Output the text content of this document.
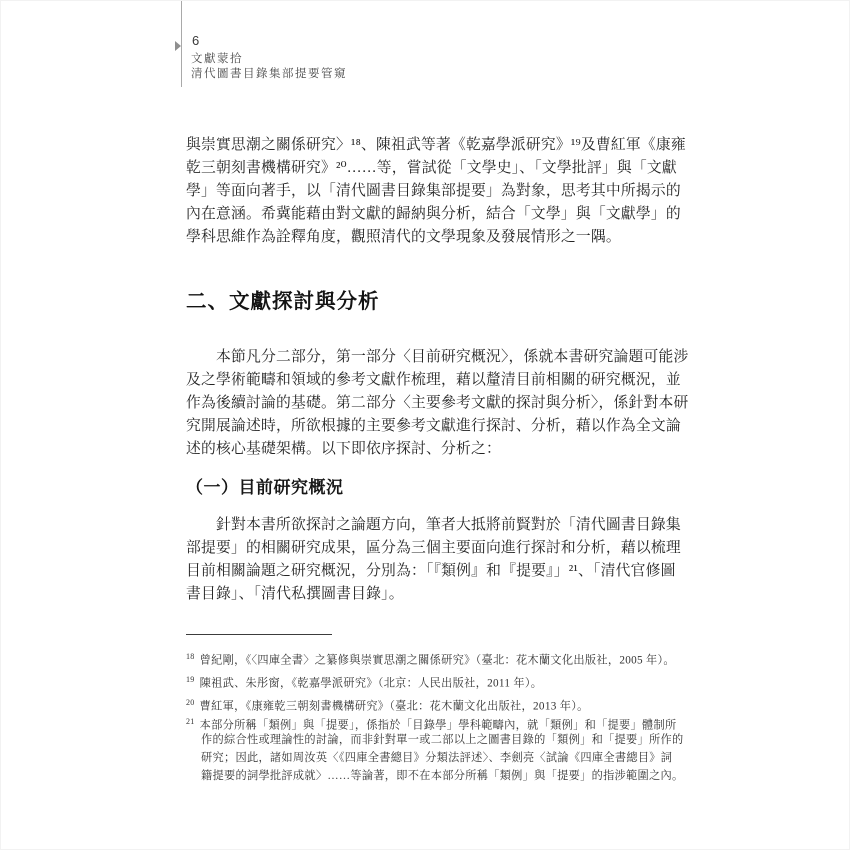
6
文獻蒙拾
清代圖書目錄集部提要管窺
與崇實思潮之關係研究〉¹⁸、陳祖武等著《乾嘉學派研究》¹⁹及曹紅軍《康雍
乾三朝刻書機構研究》²⁰……等，嘗試從「文學史」、「文學批評」與「文獻
學」等面向著手，以「清代圖書目錄集部提要」為對象，思考其中所揭示的
內在意涵。希冀能藉由對文獻的歸納與分析，結合「文學」與「文獻學」的
學科思維作為詮釋角度，觀照清代的文學現象及發展情形之一隅。
二、文獻探討與分析
本節凡分二部分，第一部分〈目前研究概況〉，係就本書研究論題可能涉
及之學術範疇和領域的參考文獻作梳理，藉以釐清目前相關的研究概況，並
作為後續討論的基礎。第二部分〈主要參考文獻的探討與分析〉，係針對本研
究開展論述時，所欲根據的主要參考文獻進行探討、分析，藉以作為全文論
述的核心基礎架構。以下即依序探討、分析之：
（一）目前研究概況
針對本書所欲探討之論題方向，筆者大抵將前賢對於「清代圖書目錄集
部提要」的相關研究成果，區分為三個主要面向進行探討和分析，藉以梳理
目前相關論題之研究概況，分別為：「『類例』和『提要』」²¹、「清代官修圖
書目錄」、「清代私撰圖書目錄」。
$^{18}$ 曾紀剛，《〈四庫全書〉之纂修與崇實思潮之關係研究》（臺北：花木蘭文化出版社，2005 年）。
$^{19}$ 陳祖武、朱彤窗，《乾嘉學派研究》（北京：人民出版社，2011 年）。
$^{20}$ 曹紅軍，《康雍乾三朝刻書機構研究》（臺北：花木蘭文化出版社，2013 年）。
$^{21}$ 本部分所稱「類例」與「提要」，係指於「目錄學」學科範疇內，就「類例」和「提要」體制所
作的綜合性或理論性的討論，而非針對單一或二部以上之圖書目錄的「類例」和「提要」所作的
研究；因此，諸如周汝英〈《四庫全書總目》分類法評述〉、李劍亮〈試論《四庫全書總目》詞
籍提要的詞學批評成就〉……等論著，即不在本部分所稱「類例」與「提要」的指涉範圍之內。
